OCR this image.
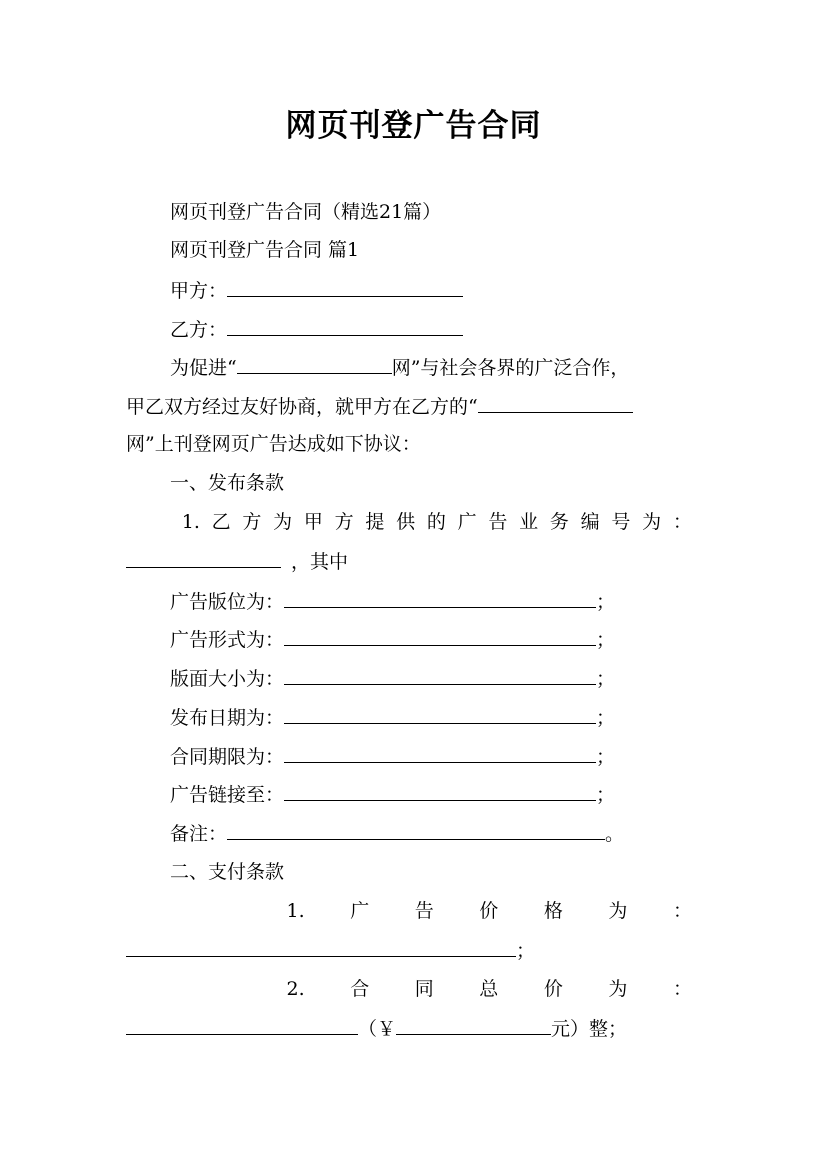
网页刊登广告合同
网页刊登广告合同（精选21篇）
网页刊登广告合同 篇1
甲方：
乙方：
为促进“	网”与社会各界的广泛合作，
甲乙双方经过友好协商，就甲方在乙方的“
网”上刊登网页广告达成如下协议：
一、发布条款
1. 乙 方 为 甲 方 提 供 的 广 告 业 务 编 号 为 ：
，其中
广告版位为：	；
广告形式为：	；
版面大小为：	；
发布日期为：	；
合同期限为：	；
广告链接至：	；
备注：	。
二、支付条款
1. 广 告 价 格 为 ：
；
2. 合 同 总 价 为 ：
（￥	元）整；
